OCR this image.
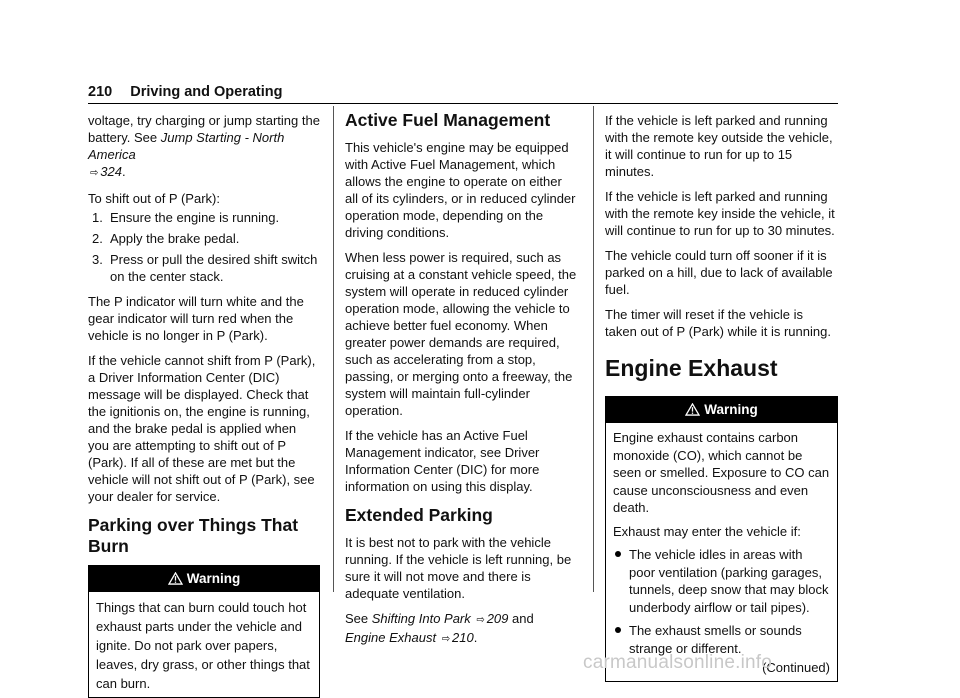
210 Driving and Operating

voltage, try charging or jump starting the battery. See Jump Starting - North America
⇨ 324.

To shift out of P (Park):

1. Ensure the engine is running.
2. Apply the brake pedal.
3. Press or pull the desired shift switch on the center stack.

The P indicator will turn white and the gear indicator will turn red when the vehicle is no longer in P (Park).

If the vehicle cannot shift from P (Park), a Driver Information Center (DIC) message will be displayed. Check that the ignitionis on, the engine is running, and the brake pedal is applied when you are attempting to shift out of P (Park). If all of these are met but the vehicle will not shift out of P (Park), see your dealer for service.

Parking over Things That Burn
Warning

Things that can burn could touch hot exhaust parts under the vehicle and ignite. Do not park over papers, leaves, dry grass, or other things that can burn.

Active Fuel Management

This vehicle's engine may be equipped with Active Fuel Management, which allows the engine to operate on either all of its cylinders, or in reduced cylinder operation mode, depending on the driving conditions.

When less power is required, such as cruising at a constant vehicle speed, the system will operate in reduced cylinder operation mode, allowing the vehicle to achieve better fuel economy. When greater power demands are required, such as accelerating from a stop, passing, or merging onto a freeway, the system will maintain full-cylinder operation.

If the vehicle has an Active Fuel Management indicator, see Driver Information Center (DIC) for more information on using this display.

Extended Parking

It is best not to park with the vehicle running. If the vehicle is left running, be sure it will not move and there is adequate ventilation.

See Shifting Into Park ⇨ 209 and
Engine Exhaust ⇨ 210.

If the vehicle is left parked and running with the remote key outside the vehicle, it will continue to run for up to 15 minutes.

If the vehicle is left parked and running with the remote key inside the vehicle, it will continue to run for up to 30 minutes.

The vehicle could turn off sooner if it is parked on a hill, due to lack of available fuel.

The timer will reset if the vehicle is taken out of P (Park) while it is running.

Engine Exhaust
Warning

Engine exhaust contains carbon monoxide (CO), which cannot be seen or smelled. Exposure to CO can cause unconsciousness and even death.

Exhaust may enter the vehicle if:

The vehicle idles in areas with poor ventilation (parking garages, tunnels, deep snow that may block underbody airflow or tail pipes).
The exhaust smells or sounds strange or different.
(Continued)
carmanualsonline.info
